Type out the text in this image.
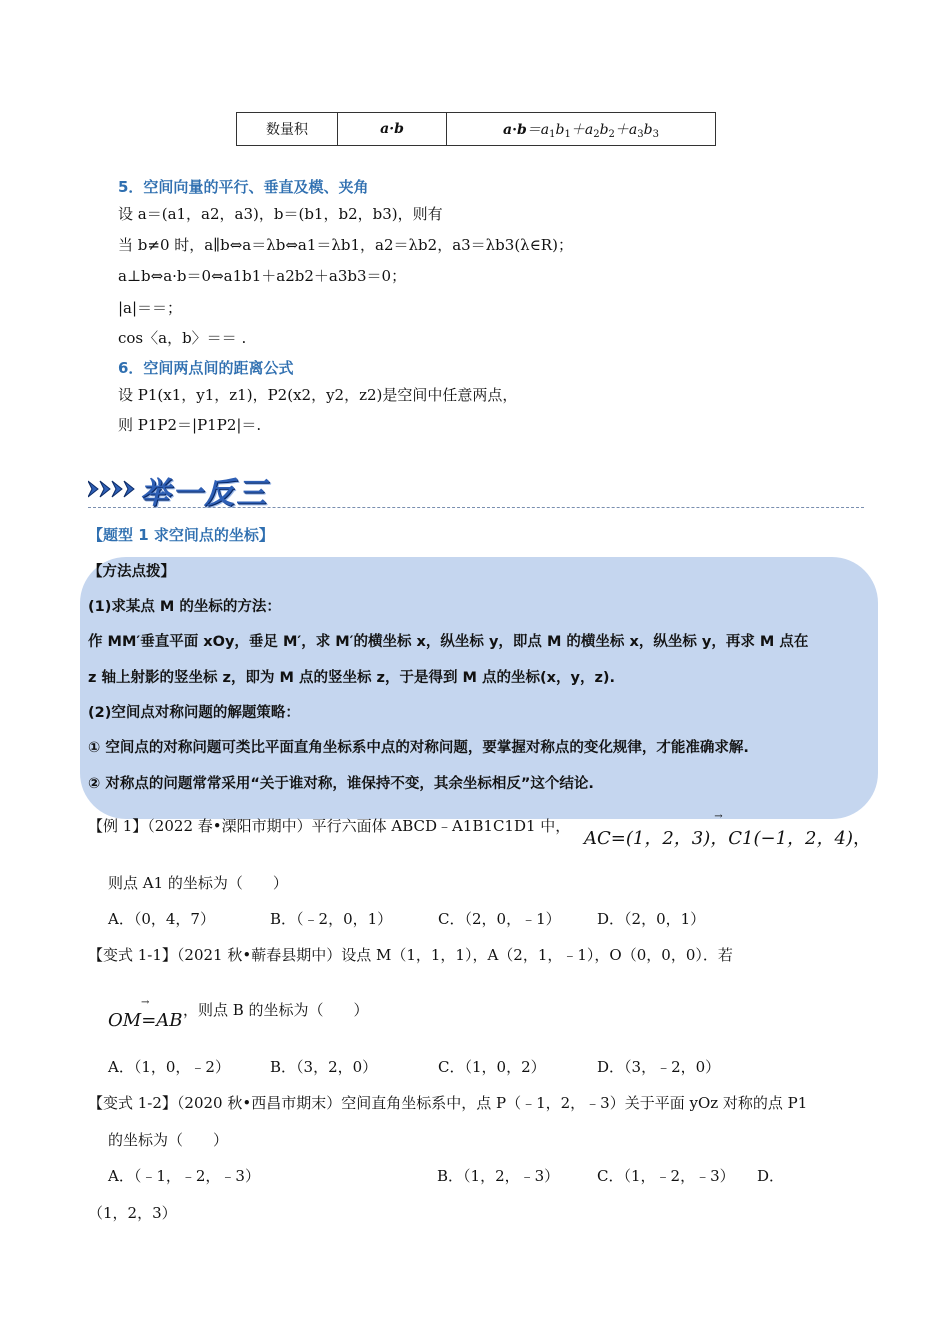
数量积	a·b	$a\cdot b=a_1b_1+a_2b_2+a_3b_3$
5．空间向量的平行、垂直及模、夹角
设 a＝(a1，a2，a3)，b＝(b1，b2，b3)，则有
当 b≠0 时，a∥b⇔a＝λb⇔a1＝λb1，a2＝λb2，a3＝λb3(λ∈R)；
a⊥b⇔a·b＝0⇔a1b1＋a2b2＋a3b3＝0；
|a|＝＝；
cos〈a，b〉＝＝ .
6．空间两点间的距离公式
设 P1(x1，y1，z1)，P2(x2，y2，z2)是空间中任意两点，
则 P1P2＝|P1P2|＝.
举一反三
【题型 1 求空间点的坐标】
【方法点拨】
(1)求某点 M 的坐标的方法：
作 MM′垂直平面 xOy，垂足 M′，求 M′的横坐标 x，纵坐标 y，即点 M 的横坐标 x，纵坐标 y，再求 M 点在
z 轴上射影的竖坐标 z，即为 M 点的竖坐标 z，于是得到 M 点的坐标(x，y，z).
(2)空间点对称问题的解题策略：
① 空间点的对称问题可类比平面直角坐标系中点的对称问题，要掌握对称点的变化规律，才能准确求解.
② 对称点的问题常常采用“关于谁对称，谁保持不变，其余坐标相反”这个结论.
【例 1】（2022 春•溧阳市期中）平行六面体 ABCD﹣A1B1C1D1 中，
→ AC=(1，2，3)，C1(−1，2，4)，
则点 A1 的坐标为（　　）
A．（0，4，7）	B．（﹣2，0，1）	C．（2，0，﹣1） D．（2，0，1）
【变式 1-1】（2021 秋•蕲春县期中）设点 M（1，1，1），A（2，1，﹣1），O（0，0，0）．若
→ OM=AB ，则点 B 的坐标为（　　）
A．（1，0，﹣2）	B．（3，2，0）	C．（1，0，2）	D．（3，﹣2，0）
【变式 1-2】（2020 秋•西昌市期末）空间直角坐标系中，点 P（﹣1，2，﹣3）关于平面 yOz 对称的点 P1
的坐标为（　　）
A．（﹣1，﹣2，﹣3）	B．（1，2，﹣3）	C．（1，﹣2，﹣3） D．
（1，2，3）
